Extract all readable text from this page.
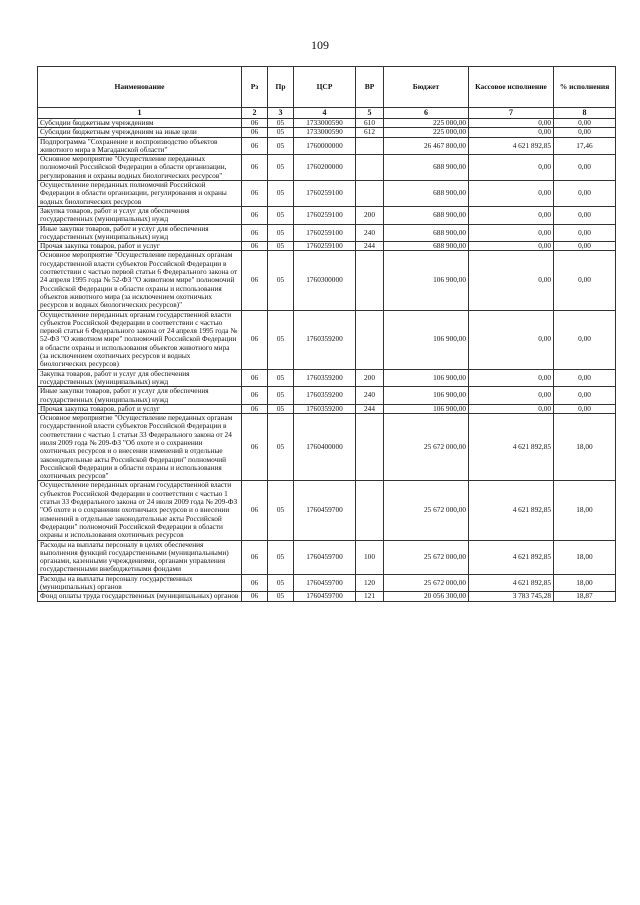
109
Наименование	Рз	Пр	ЦСР	ВР	Бюджет	Кассовое исполнение	% исполнения
1	2	3	4	5	6	7	8
Субсидии бюджетным учреждениям	06	05	1733000590	610	225 000,00	0,00	0,00
Субсидии бюджетным учреждениям на иные цели	06	05	1733000590	612	225 000,00	0,00	0,00
Подпрограмма "Сохранение и воспроизводство объектов животного мира в Магаданской области"	06	05	1760000000		26 467 800,00	4 621 892,85	17,46
Основное мероприятие "Осуществление переданных полномочий Российской Федерации в области организации, регулирования и охраны водных биологических ресурсов"	06	05	1760200000		688 900,00	0,00	0,00
Осуществление переданных полномочий Российской Федерации в области организации, регулирования и охраны водных биологических ресурсов	06	05	1760259100		688 900,00	0,00	0,00
Закупка товаров, работ и услуг для обеспечения государственных (муниципальных) нужд	06	05	1760259100	200	688 900,00	0,00	0,00
Иные закупки товаров, работ и услуг для обеспечения государственных (муниципальных) нужд	06	05	1760259100	240	688 900,00	0,00	0,00
Прочая закупка товаров, работ и услуг	06	05	1760259100	244	688 900,00	0,00	0,00
Основное мероприятие "Осуществление переданных органам государственной власти субъектов Российской Федерации в соответствии с частью первой статьи 6 Федерального закона от 24 апреля 1995 года № 52-ФЗ "О животном мире" полномочий Российской Федерации в области охраны и использования объектов животного мира (за исключением охотничьих ресурсов и водных биологических ресурсов)"	06	05	1760300000		106 900,00	0,00	0,00
Осуществление переданных органам государственной власти субъектов Российской Федерации в соответствии с частью первой статьи 6 Федерального закона от 24 апреля 1995 года № 52-ФЗ "О животном мире" полномочий Российской Федерации в области охраны и использования объектов животного мира (за исключением охотничьих ресурсов и водных биологических ресурсов)	06	05	1760359200		106 900,00	0,00	0,00
Закупка товаров, работ и услуг для обеспечения государственных (муниципальных) нужд	06	05	1760359200	200	106 900,00	0,00	0,00
Иные закупки товаров, работ и услуг для обеспечения государственных (муниципальных) нужд	06	05	1760359200	240	106 900,00	0,00	0,00
Прочая закупка товаров, работ и услуг	06	05	1760359200	244	106 900,00	0,00	0,00
Основное мероприятие "Осуществление переданных органам государственной власти субъектов Российской Федерации в соответствии с частью 1 статьи 33 Федерального закона от 24 июля 2009 года № 209-ФЗ "Об охоте и о сохранении охотничьих ресурсов и о внесении изменений в отдельные законодательные акты Российской Федерации" полномочий Российской Федерации в области охраны и использования охотничьих ресурсов"	06	05	1760400000		25 672 000,00	4 621 892,85	18,00
Осуществление переданных органам государственной власти субъектов Российской Федерации в соответствии с частью 1 статьи 33 Федерального закона от 24 июля 2009 года № 209-ФЗ "Об охоте и о сохранении охотничьих ресурсов и о внесении изменений в отдельные законодательные акты Российской Федерации" полномочий Российской Федерации в области охраны и использования охотничьих ресурсов	06	05	1760459700		25 672 000,00	4 621 892,85	18,00
Расходы на выплаты персоналу в целях обеспечения выполнения функций государственными (муниципальными) органами, казенными учреждениями, органами управления государственными внебюджетными фондами	06	05	1760459700	100	25 672 000,00	4 621 892,85	18,00
Расходы на выплаты персоналу государственных (муниципальных) органов	06	05	1760459700	120	25 672 000,00	4 621 892,85	18,00
Фонд оплаты труда государственных (муниципальных) органов	06	05	1760459700	121	20 056 300,00	3 783 745,28	18,87
